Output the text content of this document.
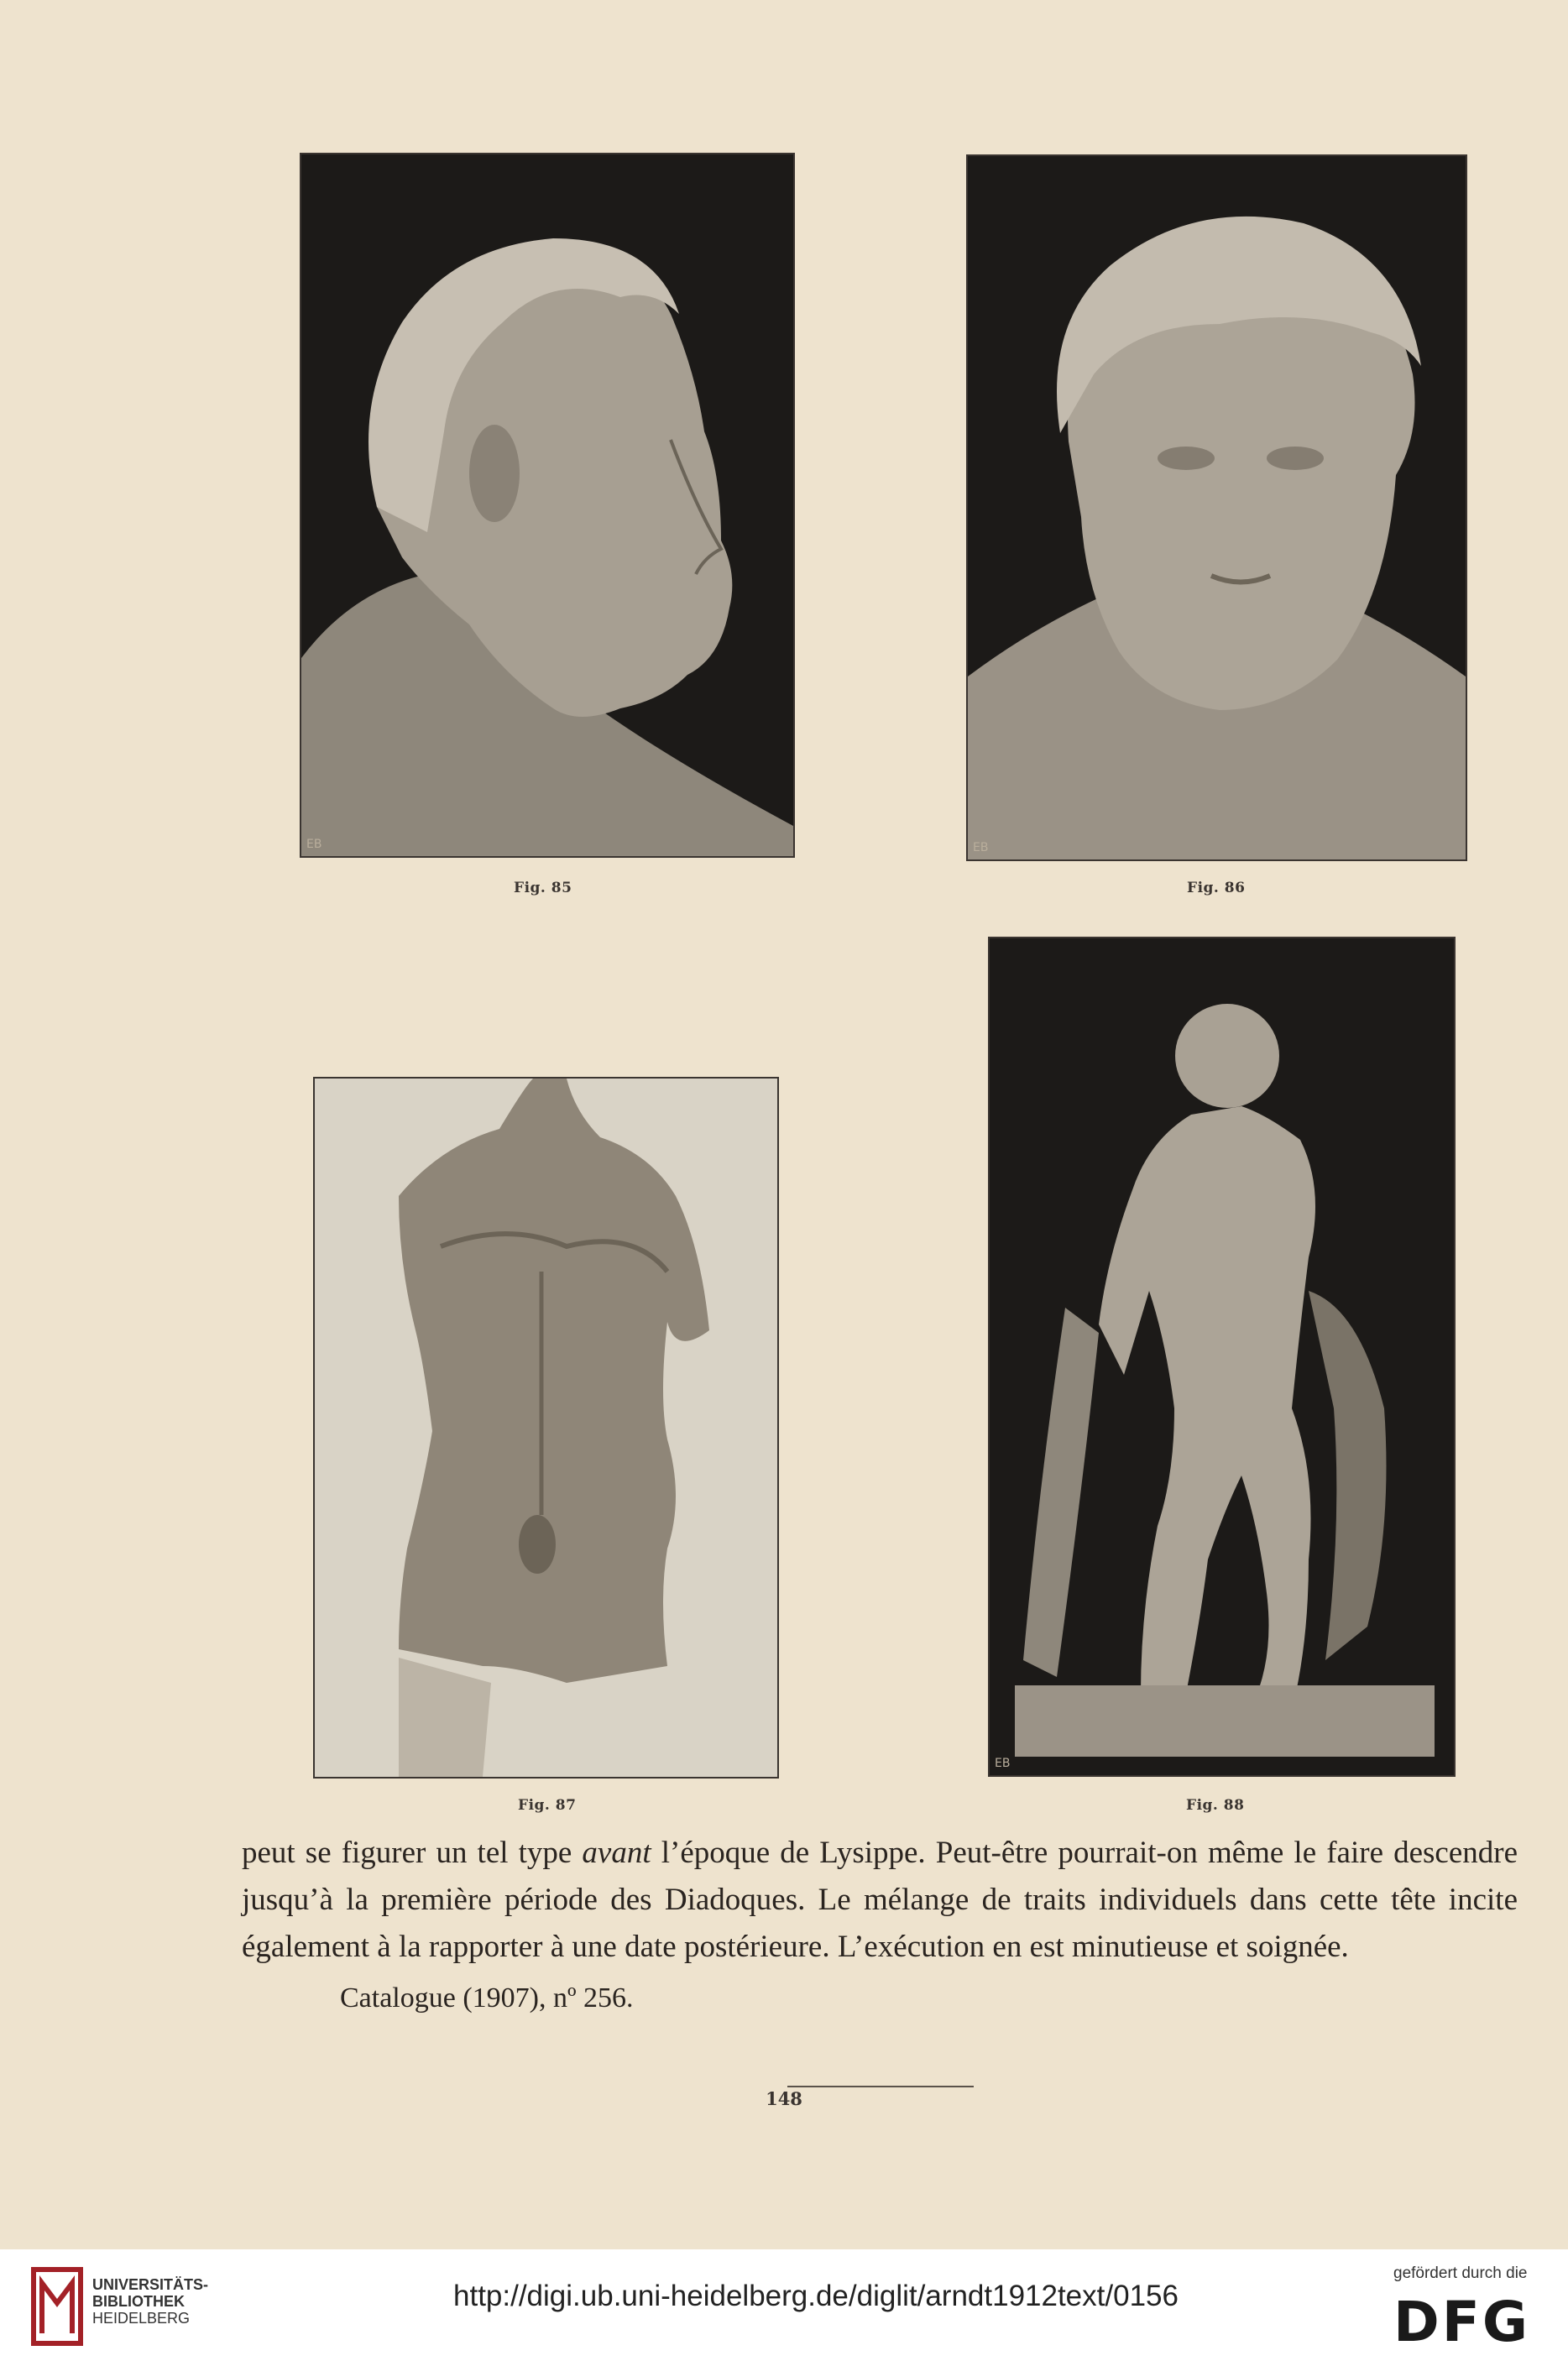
EB
Fig. 85
EB
Fig. 86
Fig. 87
EB
Fig. 88
peut se figurer un tel type avant l’époque de Lysippe. Peut-être pourrait-on même le faire descendre
jusqu’à la première période des Diadoques. Le mélange de traits individuels dans cette tête incite
également à la rapporter à une date postérieure. L’exécution en est minutieuse et soignée.
Catalogue (1907), nº 256.
148
UNIVERSITÄTS-
BIBLIOTHEK
HEIDELBERG
http://digi.ub.uni-heidelberg.de/diglit/arndt1912text/0156
gefördert durch die
DFG
